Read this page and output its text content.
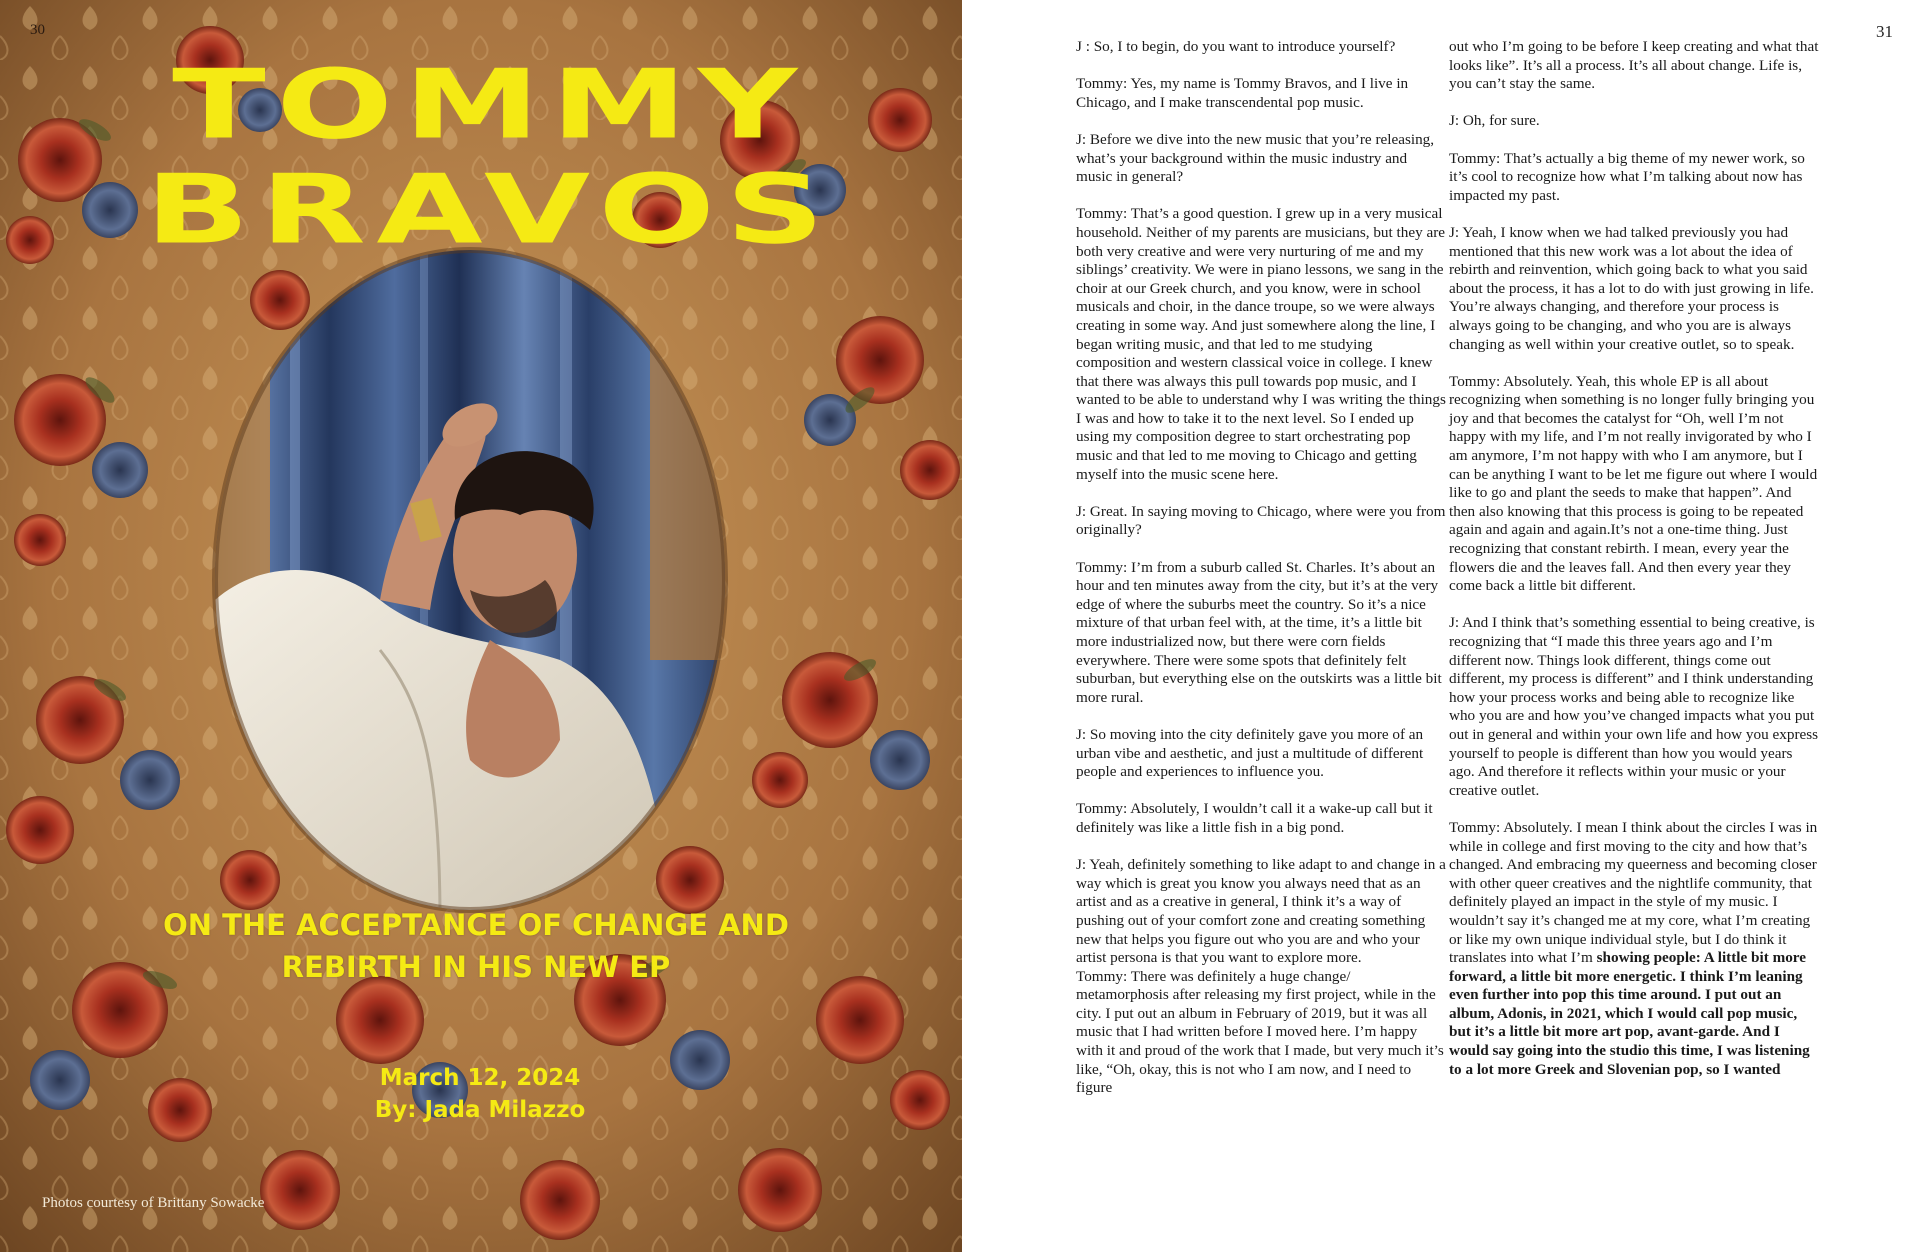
30
TOMMY
BRAVOS
ON THE ACCEPTANCE OF CHANGE AND REBIRTH IN HIS NEW EP
March 12, 2024
By: Jada Milazzo
Photos courtesy of Brittany Sowacke

J : So, I to begin, do you want to introduce yourself?

Tommy: Yes, my name is Tommy Bravos, and I live in Chicago, and I make transcendental pop music.

J: Before we dive into the new music that you’re releasing, what’s your background within the music industry and music in general?

Tommy: That’s a good question. I grew up in a very musical household. Neither of my parents are musicians, but they are both very creative and were very nurturing of me and my siblings’ creativity. We were in piano lessons, we sang in the choir at our Greek church, and you know, were in school musicals and choir, in the dance troupe, so we were always creating in some way. And just somewhere along the line, I began writing music, and that led to me studying composition and western classical voice in college. I knew that there was always this pull towards pop music, and I wanted to be able to understand why I was writing the things I was and how to take it to the next level. So I ended up using my composition degree to start orchestrating pop music and that led to me moving to Chicago and getting myself into the music scene here.

J: Great. In saying moving to Chicago, where were you from originally?

Tommy: I’m from a suburb called St. Charles. It’s about an hour and ten minutes away from the city, but it’s at the very edge of where the suburbs meet the country. So it’s a nice mixture of that urban feel with, at the time, it’s a little bit more industrialized now, but there were corn fields everywhere. There were some spots that definitely felt suburban, but everything else on the outskirts was a little bit more rural.

J: So moving into the city definitely gave you more of an urban vibe and aesthetic, and just a multitude of different people and experiences to influence you.

Tommy: Absolutely, I wouldn’t call it a wake-up call but it definitely was like a little fish in a big pond.

J: Yeah, definitely something to like adapt to and change in a way which is great you know you always need that as an artist and as a creative in general, I think it’s a way of pushing out of your comfort zone and creating something new that helps you figure out who you are and who your artist persona is that you want to explore more.

Tommy: There was definitely a huge change/ metamorphosis after releasing my first project, while in the city. I put out an album in February of 2019, but it was all music that I had written before I moved here. I’m happy with it and proud of the work that I made, but very much it’s like, “Oh, okay, this is not who I am now, and I need to figure

out who I’m going to be before I keep creating and what that looks like”. It’s all a process. It’s all about change. Life is, you can’t stay the same.

J: Oh, for sure.

Tommy: That’s actually a big theme of my newer work, so it’s cool to recognize how what I’m talking about now has impacted my past.

J: Yeah, I know when we had talked previously you had mentioned that this new work was a lot about the idea of rebirth and reinvention, which going back to what you said about the process, it has a lot to do with just growing in life. You’re always changing, and therefore your process is always going to be changing, and who you are is always changing as well within your creative outlet, so to speak.

Tommy: Absolutely. Yeah, this whole EP is all about recognizing when something is no longer fully bringing you joy and that becomes the catalyst for “Oh, well I’m not happy with my life, and I’m not really invigorated by who I am anymore, I’m not happy with who I am anymore, but I can be anything I want to be let me figure out where I would like to go and plant the seeds to make that happen”. And then also knowing that this process is going to be repeated again and again and again.It’s not a one-time thing. Just recognizing that constant rebirth. I mean, every year the flowers die and the leaves fall. And then every year they come back a little bit different.

J: And I think that’s something essential to being creative, is recognizing that “I made this three years ago and I’m different now. Things look different, things come out different, my process is different” and I think understanding how your process works and being able to recognize like who you are and how you’ve changed impacts what you put out in general and within your own life and how you express yourself to people is different than how you would years ago. And therefore it reflects within your music or your creative outlet.

Tommy: Absolutely. I mean I think about the circles I was in while in college and first moving to the city and how that’s changed. And embracing my queerness and becoming closer with other queer creatives and the nightlife community, that definitely played an impact in the style of my music. I wouldn’t say it’s changed me at my core, what I’m creating or like my own unique individual style, but I do think it translates into what I’m showing people: A little bit more forward, a little bit more energetic. I think I’m leaning even further into pop this time around. I put out an album, Adonis, in 2021, which I would call pop music, but it’s a little bit more art pop, avant-garde. And I would say going into the studio this time, I was listening to a lot more Greek and Slovenian pop, so I wanted

31
